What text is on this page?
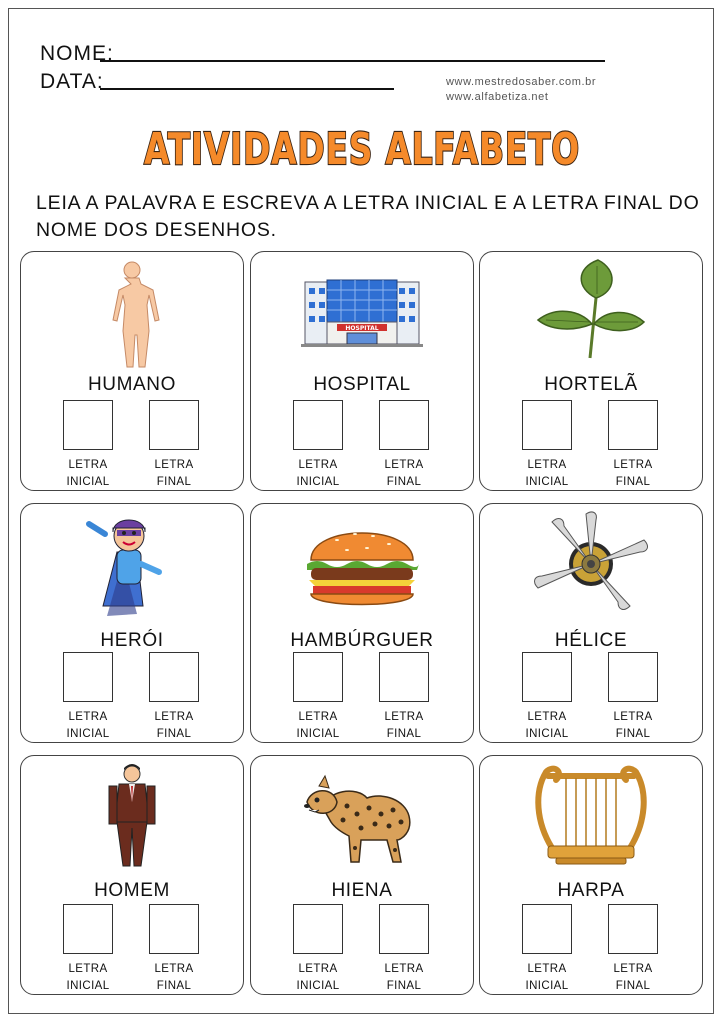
NOME:
DATA:	www.mestredosaber.com.br
www.alfabetiza.net
ATIVIDADES ALFABETO
LEIA A PALAVRA E ESCREVA A LETRA INICIAL E A LETRA FINAL DO NOME DOS DESENHOS.
HUMANO
LETRA
INICIAL
LETRA
FINAL
HOSPITAL
HOSPITAL
LETRA
INICIAL
LETRA
FINAL
HORTELÃ
LETRA
INICIAL
LETRA
FINAL
HERÓI
LETRA
INICIAL
LETRA
FINAL
HAMBÚRGUER
LETRA
INICIAL
LETRA
FINAL
HÉLICE
LETRA
INICIAL
LETRA
FINAL
HOMEM
LETRA
INICIAL
LETRA
FINAL
HIENA
LETRA
INICIAL
LETRA
FINAL
HARPA
LETRA
INICIAL
LETRA
FINAL
